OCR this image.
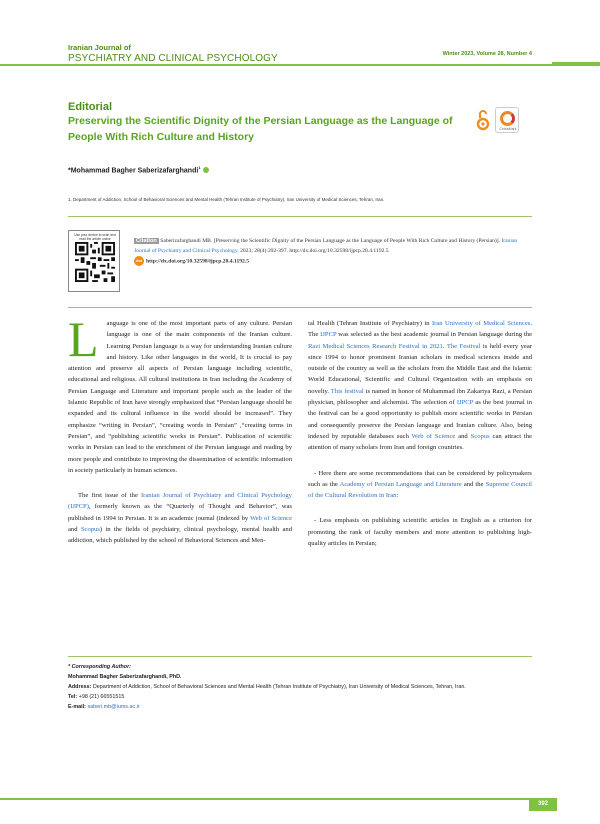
Iranian Journal of
PSYCHIATRY AND CLINICAL PSYCHOLOGY	Winter 2023, Volume 28, Number 4
Editorial
Preserving the Scientific Dignity of the Persian Language as the Language of People With Rich Culture and History
CrossMark
*Mohammad Bagher Saberizafarghandi$^1$
1. Department of Addiction, School of Behavioral Sciences and Mental Health (Tehran Institute of Psychiatry), Iran University of Medical Sciences, Tehran, Iran.
Use your device to scan and read the article online	Citation Saberizafarghandi MB. [Preserving the Scientific Dignity of the Persian Language as the Language of People With Rich Culture and History (Persian)]. Iranian Journal of Psychiatry and Clinical Psychology. 2023; 28(4):392-397. http://dx.doi.org/10.32598/ijpcp.28.4.1192.5
doi http://dx.doi.org/10.32598/ijpcp.28.4.1192.5

L anguage is one of the most important parts of any culture. Persian language is one of the main components of the Iranian culture. Learning Persian language is a way for understanding Iranian culture and history. Like other languages in the world, It is crucial to pay attention and preserve all aspects of Persian language including scientific, educational and religious. All cultural institutions in Iran including the Academy of Persian Language and Literature and important people such as the leader of the Islamic Republic of Iran have strongly emphasized that “Persian language should be expanded and its cultural influence in the world should be increased”. They emphasize “writing in Persian”, “creating words in Persian” ,“creating terms in Persian”, and “publishing scientific works in Persian”. Publication of scientific works in Persian can lead to the enrichment of the Persian language and reading by more people and contribute to improving the dissemination of scientific information in society particularly in human sciences.

The first issue of the Iranian Journal of Psychiatry and Clinical Psychology (IJPCP), formerly known as the “Quarterly of Thought and Behavior”, was published in 1994 in Persian. It is an academic journal (indexed by Web of Science and Scopus) in the fields of psychiatry, clinical psychology, mental health and addiction, which published by the school of Behavioral Sciences and Men-

tal Health (Tehran Institute of Psychiatry) in Iran University of Medical Sciences. The IJPCP was selected as the best academic journal in Persian language during the Razi Medical Sciences Research Festival in 2021. The Festival is held every year since 1994 to honor prominent Iranian scholars in medical sciences inside and outside of the country as well as the scholars from the Middle East and the Islamic World Educational, Scientific and Cultural Organization with an emphasis on novelty. This festival is named in honor of Muhammad ibn Zakariya Razi, a Persian physician, philosopher and alchemist. The selection of IJPCP as the best journal in the festival can be a good opportunity to publish more scientific works in Persian and consequently preserve the Persian language and Iranian culture. Also, being indexed by reputable databases such Web of Science and Scopus can attract the attention of many scholars from Iran and foreign countries.

- Here there are some recommendations that can be considered by policymakers such as the Academy of Persian Language and Literature and the Supreme Council of the Cultural Revolution in Iran:

- Less emphasis on publishing scientific articles in English as a criterion for promoting the rank of faculty members and more attention to publishing high-quality articles in Persian;

* Corresponding Author:
Mohammad Bagher Saberizafarghandi, PhD.
Address: Department of Addiction, School of Behavioral Sciences and Mental Health (Tehran Institute of Psychiatry), Iran University of Medical Sciences, Tehran, Iran.
Tel: +98 (21) 66551515
E-mail: saberi.mb@iums.ac.ir
392
